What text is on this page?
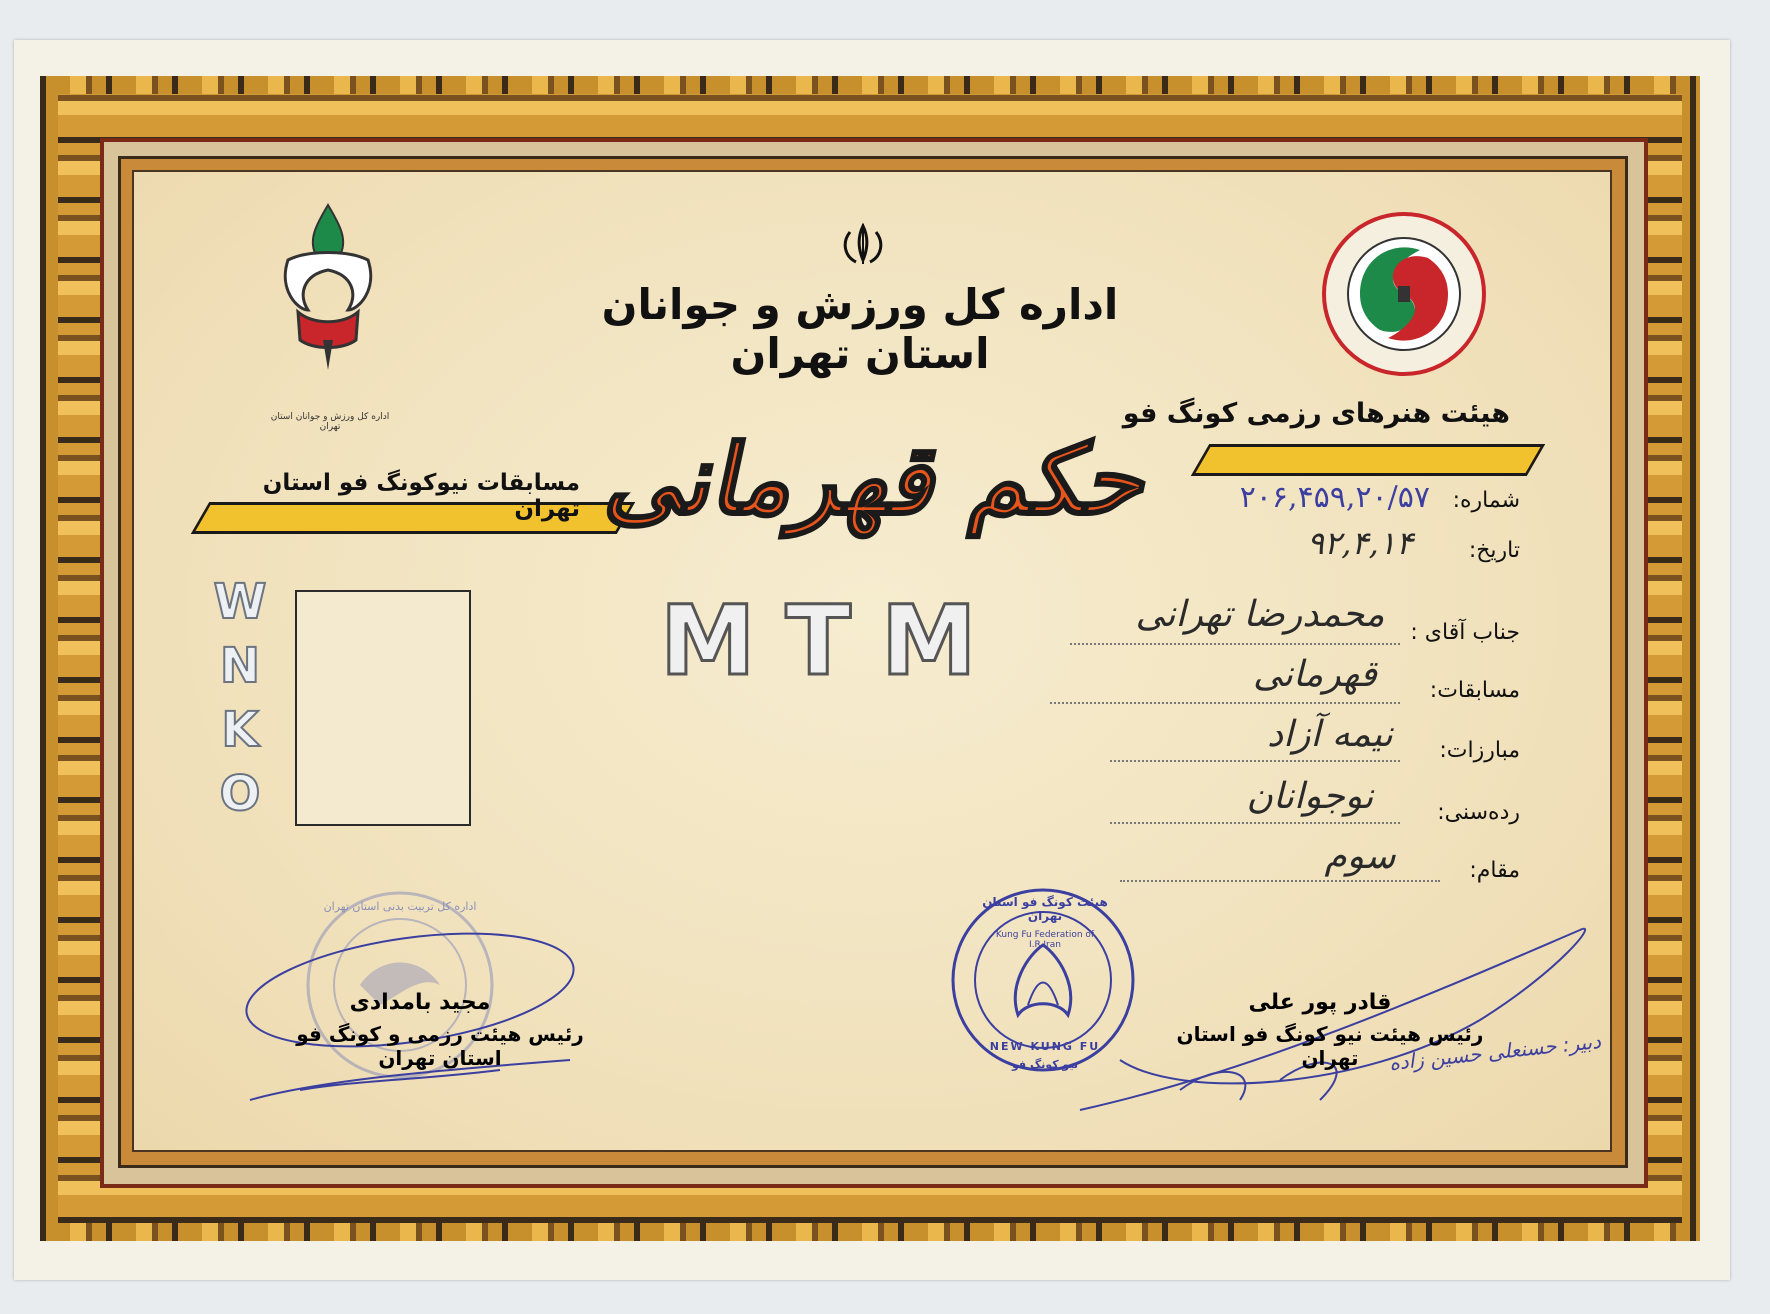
اداره کل ورزش و جوانان استان تهران
اداره کل ورزش و جوانان استان تهران
هیئت هنرهای رزمی کونگ فو
مسابقات نیوکونگ فو استان تهران حکم قهرمانی
MTM
W
N
K
O
شماره:
۲۰۶,۴۵۹,۲۰/۵۷
تاریخ:
۹۲,۴,۱۴
جناب آقای :
محمدرضا تهرانی
مسابقات:
قهرمانی
مبارزات:
نیمه آزاد
رده‌سنی:
نوجوانان
مقام:
سوم
اداره کل تربیت بدنی استان تهران
مجید بامدادی
رئیس هیئت رزمی و کونگ فو استان تهران
هیئت کونگ فو استان تهران
Kung Fu Federation of I.R.Iran
NEW KUNG FU
نیو کونگ فو
قادر پور علی
رئیس هیئت نیو کونگ فو استان تهران	دبیر: حسنعلی حسین زاده
